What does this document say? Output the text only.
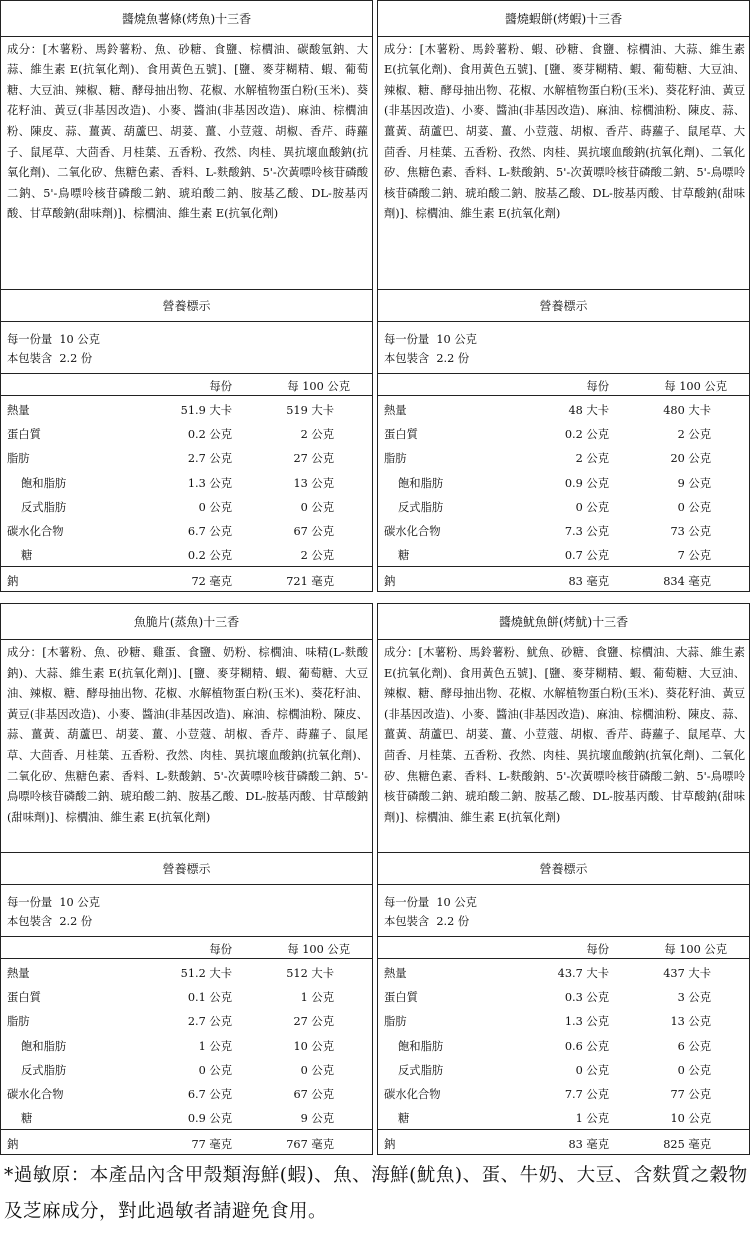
醬燒魚薯條(烤魚)十三香
成分：[木薯粉、馬鈴薯粉、魚、砂糖、食鹽、棕櫚油、碳酸氫鈉、大蒜、維生素 E(抗氧化劑)、食用黃色五號]、[鹽、麥芽糊精、蝦、葡萄糖、大豆油、辣椒、糖、酵母抽出物、花椒、水解植物蛋白粉(玉米)、葵花籽油、黃豆(非基因改造)、小麥、醬油(非基因改造)、麻油、棕櫚油粉、陳皮、蒜、薑黃、葫蘆巴、胡荽、薑、小荳蔻、胡椒、香芹、蒔蘿子、鼠尾草、大茴香、月桂葉、五香粉、孜然、肉桂、異抗壞血酸鈉(抗氧化劑)、二氧化矽、焦糖色素、香料、L-麩酸鈉、5'-次黃嘌呤核苷磷酸二鈉、5'-鳥嘌呤核苷磷酸二鈉、琥珀酸二鈉、胺基乙酸、DL-胺基丙酸、甘草酸鈉(甜味劑)]、棕櫚油、維生素 E(抗氧化劑)
營養標示
每一份量  10 公克
本包裝含  2.2 份
每份	每 100 公克
熱量	51.9 大卡	519 大卡
蛋白質	0.2 公克	2 公克
脂肪	2.7 公克	27 公克
飽和脂肪	1.3 公克	13 公克
反式脂肪	0 公克	0 公克
碳水化合物	6.7 公克	67 公克
糖	0.2 公克	2 公克
鈉	72 毫克	721 毫克
醬燒蝦餅(烤蝦)十三香
成分：[木薯粉、馬鈴薯粉、蝦、砂糖、食鹽、棕櫚油、大蒜、維生素 E(抗氧化劑)、食用黃色五號]、[鹽、麥芽糊精、蝦、葡萄糖、大豆油、辣椒、糖、酵母抽出物、花椒、水解植物蛋白粉(玉米)、葵花籽油、黃豆(非基因改造)、小麥、醬油(非基因改造)、麻油、棕櫚油粉、陳皮、蒜、薑黃、葫蘆巴、胡荽、薑、小荳蔻、胡椒、香芹、蒔蘿子、鼠尾草、大茴香、月桂葉、五香粉、孜然、肉桂、異抗壞血酸鈉(抗氧化劑)、二氧化矽、焦糖色素、香料、L-麩酸鈉、5'-次黃嘌呤核苷磷酸二鈉、5'-鳥嘌呤核苷磷酸二鈉、琥珀酸二鈉、胺基乙酸、DL-胺基丙酸、甘草酸鈉(甜味劑)]、棕櫚油、維生素 E(抗氧化劑)
營養標示
每一份量  10 公克
本包裝含  2.2 份
每份	每 100 公克
熱量	48 大卡	480 大卡
蛋白質	0.2 公克	2 公克
脂肪	2 公克	20 公克
飽和脂肪	0.9 公克	9 公克
反式脂肪	0 公克	0 公克
碳水化合物	7.3 公克	73 公克
糖	0.7 公克	7 公克
鈉	83 毫克	834 毫克
魚脆片(蒸魚)十三香
成分：[木薯粉、魚、砂糖、雞蛋、食鹽、奶粉、棕櫚油、味精(L-麩酸鈉)、大蒜、維生素 E(抗氧化劑)]、[鹽、麥芽糊精、蝦、葡萄糖、大豆油、辣椒、糖、酵母抽出物、花椒、水解植物蛋白粉(玉米)、葵花籽油、黃豆(非基因改造)、小麥、醬油(非基因改造)、麻油、棕櫚油粉、陳皮、蒜、薑黃、葫蘆巴、胡荽、薑、小荳蔻、胡椒、香芹、蒔蘿子、鼠尾草、大茴香、月桂葉、五香粉、孜然、肉桂、異抗壞血酸鈉(抗氧化劑)、二氧化矽、焦糖色素、香料、L-麩酸鈉、5'-次黃嘌呤核苷磷酸二鈉、5'-鳥嘌呤核苷磷酸二鈉、琥珀酸二鈉、胺基乙酸、DL-胺基丙酸、甘草酸鈉(甜味劑)]、棕櫚油、維生素 E(抗氧化劑)
營養標示
每一份量  10 公克
本包裝含  2.2 份
每份	每 100 公克
熱量	51.2 大卡	512 大卡
蛋白質	0.1 公克	1 公克
脂肪	2.7 公克	27 公克
飽和脂肪	1 公克	10 公克
反式脂肪	0 公克	0 公克
碳水化合物	6.7 公克	67 公克
糖	0.9 公克	9 公克
鈉	77 毫克	767 毫克
醬燒魷魚餅(烤魷)十三香
成分：[木薯粉、馬鈴薯粉、魷魚、砂糖、食鹽、棕櫚油、大蒜、維生素 E(抗氧化劑)、食用黃色五號]、[鹽、麥芽糊精、蝦、葡萄糖、大豆油、辣椒、糖、酵母抽出物、花椒、水解植物蛋白粉(玉米)、葵花籽油、黃豆(非基因改造)、小麥、醬油(非基因改造)、麻油、棕櫚油粉、陳皮、蒜、薑黃、葫蘆巴、胡荽、薑、小荳蔻、胡椒、香芹、蒔蘿子、鼠尾草、大茴香、月桂葉、五香粉、孜然、肉桂、異抗壞血酸鈉(抗氧化劑)、二氧化矽、焦糖色素、香料、L-麩酸鈉、5'-次黃嘌呤核苷磷酸二鈉、5'-鳥嘌呤核苷磷酸二鈉、琥珀酸二鈉、胺基乙酸、DL-胺基丙酸、甘草酸鈉(甜味劑)]、棕櫚油、維生素 E(抗氧化劑)
營養標示
每一份量  10 公克
本包裝含  2.2 份
每份	每 100 公克
熱量	43.7 大卡	437 大卡
蛋白質	0.3 公克	3 公克
脂肪	1.3 公克	13 公克
飽和脂肪	0.6 公克	6 公克
反式脂肪	0 公克	0 公克
碳水化合物	7.7 公克	77 公克
糖	1 公克	10 公克
鈉	83 毫克	825 毫克
*過敏原：本產品內含甲殼類海鮮(蝦)、魚、海鮮(魷魚)、蛋、牛奶、大豆、含麩質之穀物及芝麻成分，對此過敏者請避免食用。
